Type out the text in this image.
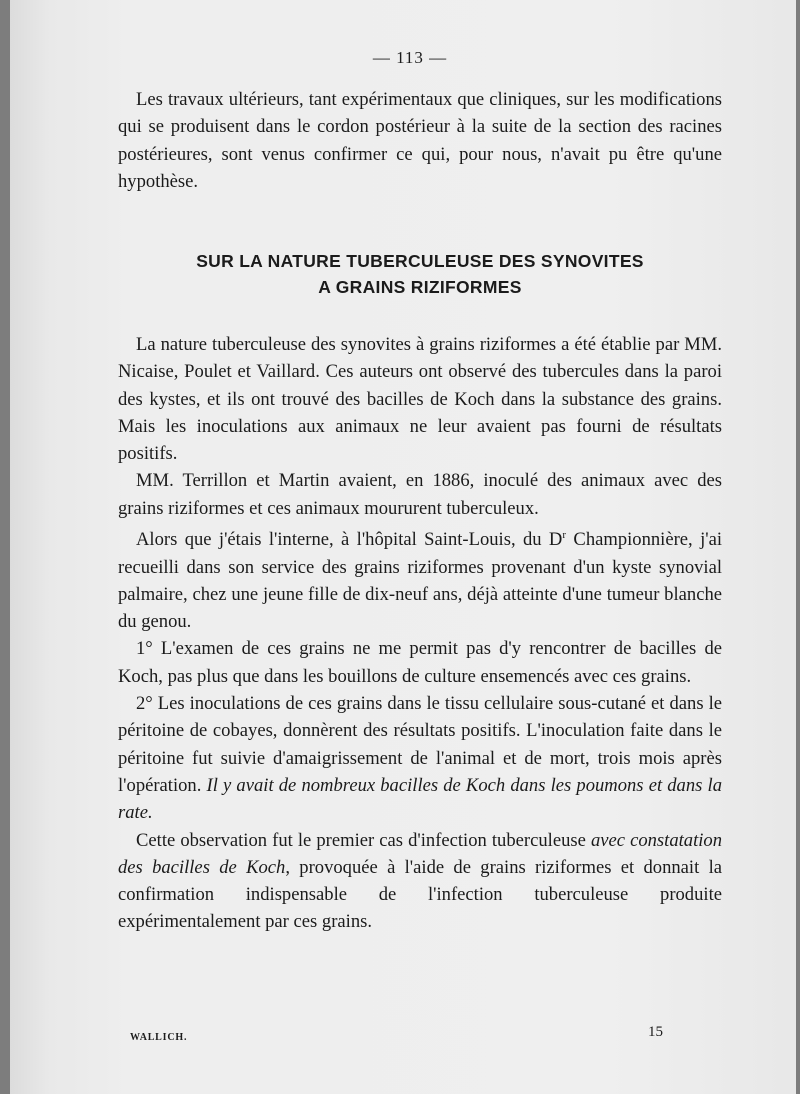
— 113 —

Les travaux ultérieurs, tant expérimentaux que cliniques, sur les modifications qui se produisent dans le cordon postérieur à la suite de la section des racines postérieures, sont venus confirmer ce qui, pour nous, n'avait pu être qu'une hypothèse.

SUR LA NATURE TUBERCULEUSE DES SYNOVITES
A GRAINS RIZIFORMES

La nature tuberculeuse des synovites à grains riziformes a été établie par MM. Nicaise, Poulet et Vaillard. Ces auteurs ont observé des tubercules dans la paroi des kystes, et ils ont trouvé des bacilles de Koch dans la substance des grains. Mais les inoculations aux animaux ne leur avaient pas fourni de résultats positifs.

MM. Terrillon et Martin avaient, en 1886, inoculé des animaux avec des grains riziformes et ces animaux moururent tuberculeux.

Alors que j'étais l'interne, à l'hôpital Saint-Louis, du $D^r$ Championnière, j'ai recueilli dans son service des grains riziformes provenant d'un kyste synovial palmaire, chez une jeune fille de dix-neuf ans, déjà atteinte d'une tumeur blanche du genou.

1° L'examen de ces grains ne me permit pas d'y rencontrer de bacilles de Koch, pas plus que dans les bouillons de culture ensemencés avec ces grains.

2° Les inoculations de ces grains dans le tissu cellulaire sous-cutané et dans le péritoine de cobayes, donnèrent des résultats positifs. L'inoculation faite dans le péritoine fut suivie d'amaigrissement de l'animal et de mort, trois mois après l'opération. Il y avait de nombreux bacilles de Koch dans les poumons et dans la rate.

Cette observation fut le premier cas d'infection tuberculeuse avec constatation des bacilles de Koch, provoquée à l'aide de grains riziformes et donnait la confirmation indispensable de l'infection tuberculeuse produite expérimentalement par ces grains.

WALLICH.	15
